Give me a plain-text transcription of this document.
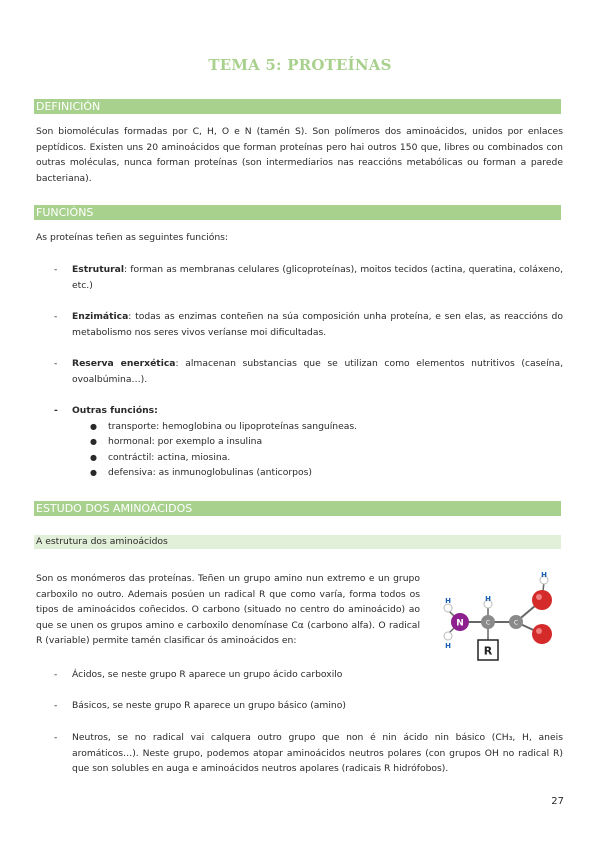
TEMA 5: PROTEÍNAS
DEFINICIÓN

Son biomoléculas formadas por C, H, O e N (tamén S). Son polímeros dos aminoácidos, unidos por enlaces peptídicos. Existen uns 20 aminoácidos que forman proteínas pero hai outros 150 que, libres ou combinados con outras moléculas, nunca forman proteínas (son intermediarios nas reaccións metabólicas ou forman a parede bacteriana).

FUNCIÓNS

As proteínas teñen as seguintes funcións:

- Estrutural: forman as membranas celulares (glicoproteínas), moitos tecidos (actina, queratina, coláxeno, etc.)
- Enzimática: todas as enzimas conteñen na súa composición unha proteína, e sen elas, as reaccións do metabolismo nos seres vivos veríanse moi dificultadas.
- Reserva enerxética: almacenan substancias que se utilizan como elementos nutritivos (caseína, ovoalbúmina…).
- Outras funcións:
● transporte: hemoglobina ou lipoproteínas sanguíneas.
● hormonal: por exemplo a insulina
● contráctil: actina, miosina.
● defensiva: as inmunoglobulinas (anticorpos)
ESTUDO DOS AMINOÁCIDOS
A estrutura dos aminoácidos

Son os monómeros das proteínas. Teñen un grupo amino nun extremo e un grupo carboxilo no outro. Ademais posúen un radical R que como varía, forma todos os tipos de aminoácidos coñecidos. O carbono (situado no centro do aminoácido) ao que se unen os grupos amino e carboxilo denomínase Cα (carbono alfa). O radical R (variable) permite tamén clasificar ós aminoácidos en:

H
H
H
H
N	C	C
R
- Ácidos, se neste grupo R aparece un grupo ácido carboxilo
- Básicos, se neste grupo R aparece un grupo básico (amino)
- Neutros, se no radical vai calquera outro grupo que non é nin ácido nin básico (CH₃, H, aneis aromáticos…). Neste grupo, podemos atopar aminoácidos neutros polares (con grupos OH no radical R) que son solubles en auga e aminoácidos neutros apolares (radicais R hidrófobos).
27
